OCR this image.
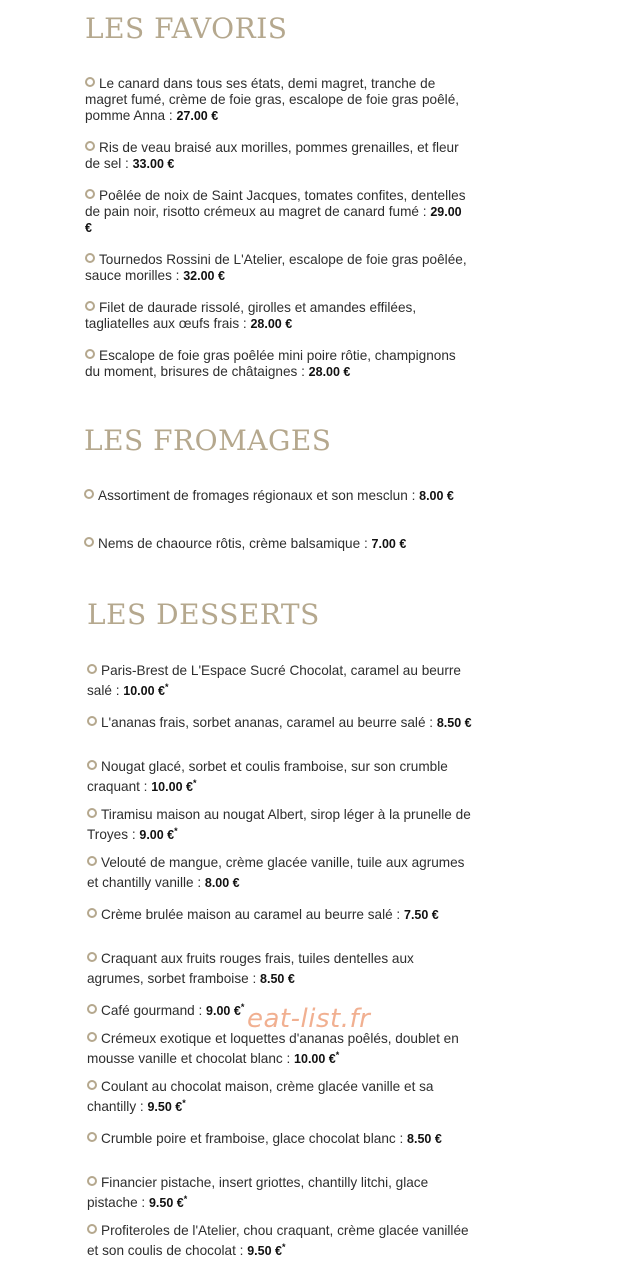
LES FAVORIS
Le canard dans tous ses états, demi magret, tranche de magret fumé, crème de foie gras, escalope de foie gras poêlé, pomme Anna : 27.00 €
Ris de veau braisé aux morilles, pommes grenailles, et fleur de sel : 33.00 €
Poêlée de noix de Saint Jacques, tomates confites, dentelles de pain noir, risotto crémeux au magret de canard fumé : 29.00 €
Tournedos Rossini de L'Atelier, escalope de foie gras poêlée, sauce morilles : 32.00 €
Filet de daurade rissolé, girolles et amandes effilées, tagliatelles aux œufs frais : 28.00 €
Escalope de foie gras poêlée mini poire rôtie, champignons du moment, brisures de châtaignes : 28.00 €
LES FROMAGES
Assortiment de fromages régionaux et son mesclun : 8.00 €
Nems de chaource rôtis, crème balsamique : 7.00 €
LES DESSERTS
Paris-Brest de L'Espace Sucré Chocolat, caramel au beurre salé : 10.00 €*
L'ananas frais, sorbet ananas, caramel au beurre salé : 8.50 €
Nougat glacé, sorbet et coulis framboise, sur son crumble craquant : 10.00 €*
Tiramisu maison au nougat Albert, sirop léger à la prunelle de Troyes : 9.00 €*
Velouté de mangue, crème glacée vanille, tuile aux agrumes et chantilly vanille : 8.00 €
Crème brulée maison au caramel au beurre salé : 7.50 €
Craquant aux fruits rouges frais, tuiles dentelles aux agrumes, sorbet framboise : 8.50 €
Café gourmand : 9.00 €*
Crémeux exotique et loquettes d'ananas poêlés, doublet en mousse vanille et chocolat blanc : 10.00 €*
Coulant au chocolat maison, crème glacée vanille et sa chantilly : 9.50 €*
Crumble poire et framboise, glace chocolat blanc : 8.50 €
Financier pistache, insert griottes, chantilly litchi, glace pistache : 9.50 €*
Profiteroles de l'Atelier, chou craquant, crème glacée vanillée et son coulis de chocolat : 9.50 €*
eat-list.fr
